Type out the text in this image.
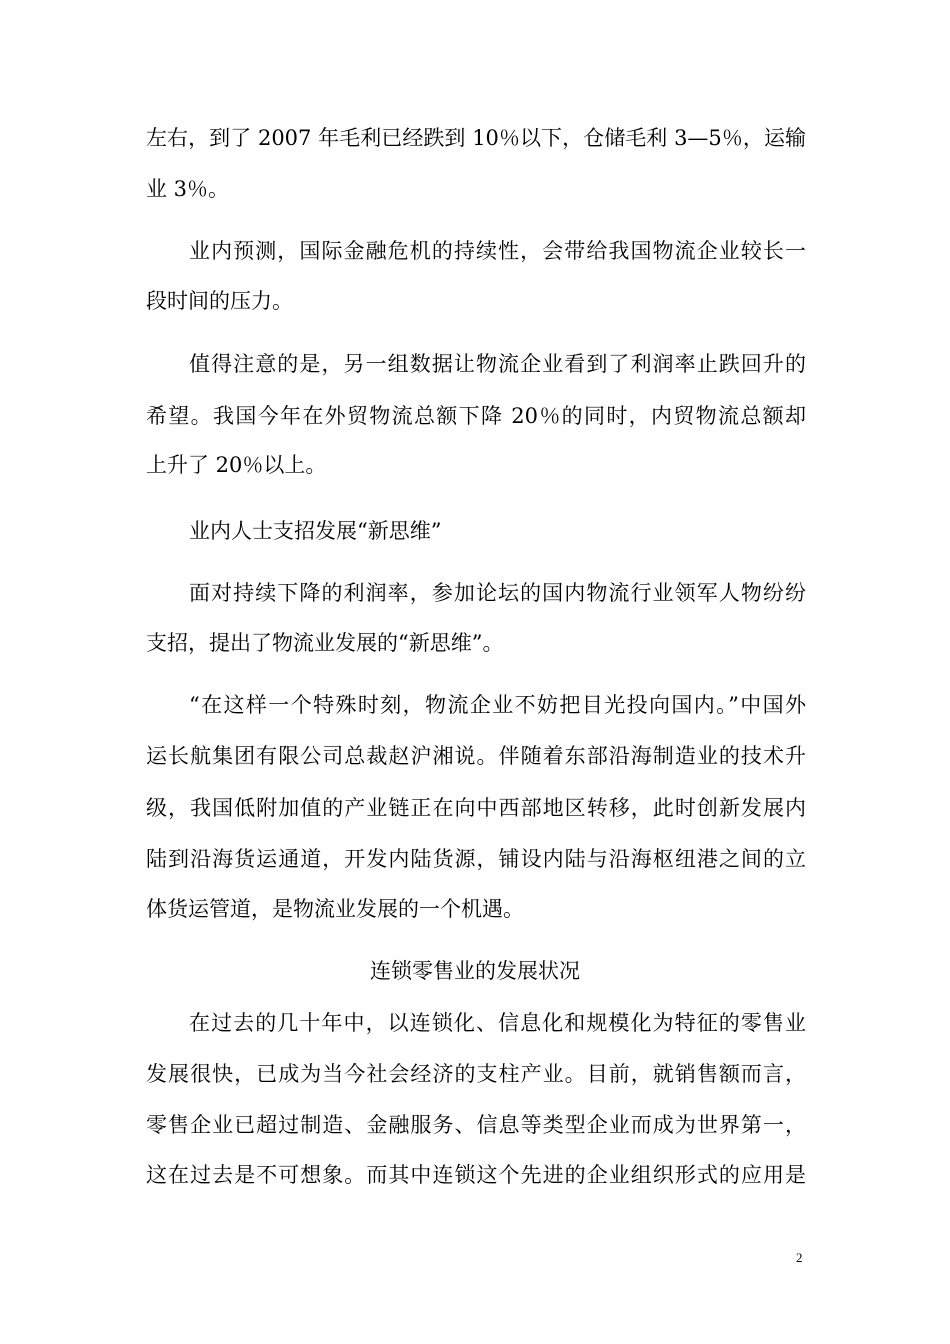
左右，到了 2007 年毛利已经跌到 10％以下，仓储毛利 3—5％，运输
业 3％。
业内预测，国际金融危机的持续性，会带给我国物流企业较长一
段时间的压力。
值得注意的是，另一组数据让物流企业看到了利润率止跌回升的
希望。我国今年在外贸物流总额下降 20％的同时，内贸物流总额却
上升了 20％以上。
业内人士支招发展“新思维”
面对持续下降的利润率，参加论坛的国内物流行业领军人物纷纷
支招，提出了物流业发展的“新思维”。
“在这样一个特殊时刻，物流企业不妨把目光投向国内。”中国外
运长航集团有限公司总裁赵沪湘说。伴随着东部沿海制造业的技术升
级，我国低附加值的产业链正在向中西部地区转移，此时创新发展内
陆到沿海货运通道，开发内陆货源，铺设内陆与沿海枢纽港之间的立
体货运管道，是物流业发展的一个机遇。
连锁零售业的发展状况
在过去的几十年中，以连锁化、信息化和规模化为特征的零售业
发展很快，已成为当今社会经济的支柱产业。目前，就销售额而言，
零售企业已超过制造、金融服务、信息等类型企业而成为世界第一，
这在过去是不可想象。而其中连锁这个先进的企业组织形式的应用是
2
